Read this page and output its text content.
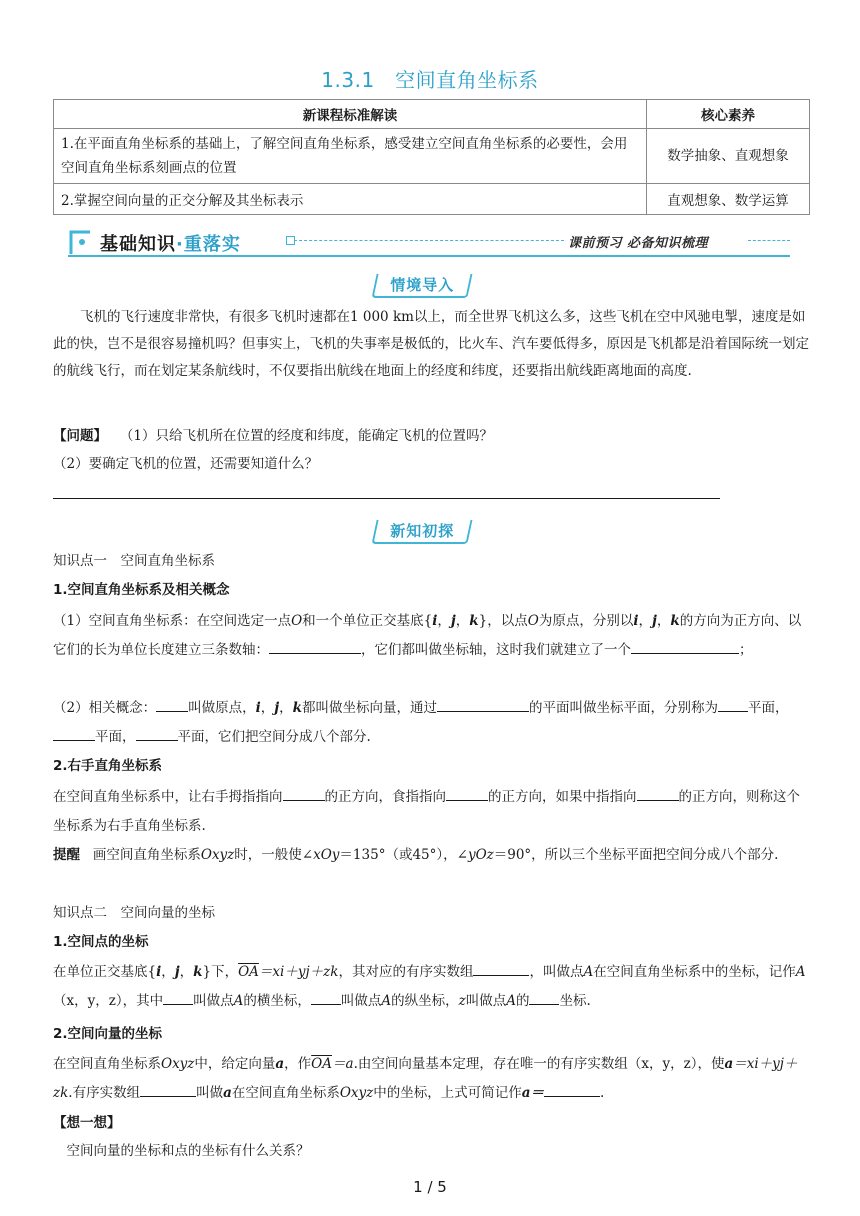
1.3.1　空间直角坐标系
新课程标准解读	核心素养
1.在平面直角坐标系的基础上，了解空间直角坐标系，感受建立空间直角坐标系的必要性，会用空间直角坐标系刻画点的位置	数学抽象、直观想象
2.掌握空间向量的正交分解及其坐标表示	直观想象、数学运算
基础知识·重落实	课前预习 必备知识梳理
情境导入
飞机的飞行速度非常快，有很多飞机时速都在1 000 km以上，而全世界飞机这么多，这些飞机在空中风驰电掣，速度是如此的快，岂不是很容易撞机吗？但事实上，飞机的失事率是极低的，比火车、汽车要低得多，原因是飞机都是沿着国际统一划定的航线飞行，而在划定某条航线时，不仅要指出航线在地面上的经度和纬度，还要指出航线距离地面的高度.
【问题】 （1）只给飞机所在位置的经度和纬度，能确定飞机的位置吗？
（2）要确定飞机的位置，还需要知道什么？
新知初探
知识点一　空间直角坐标系
1.空间直角坐标系及相关概念
（1）空间直角坐标系：在空间选定一点O和一个单位正交基底{i，j，k}，以点O为原点，分别以i，j，k的方向为正方向、以它们的长为单位长度建立三条数轴：	，它们都叫做坐标轴，这时我们就建立了一个	；
（2）相关概念： 叫做原点，i，j，k都叫做坐标向量，通过	的平面叫做坐标平面，分别称为 平面，平面，	平面，它们把空间分成八个部分.
2.右手直角坐标系
在空间直角坐标系中，让右手拇指指向	的正方向，食指指向	的正方向，如果中指指向	的正方向，则称这个坐标系为右手直角坐标系.
提醒 画空间直角坐标系Oxyz时，一般使∠xOy＝135°（或45°），∠yOz＝90°，所以三个坐标平面把空间分成八个部分.
知识点二　空间向量的坐标
1.空间点的坐标
在单位正交基底{i，j，k}下，$\overline{OA}=xi+yj+zk$，其对应的有序实数组	，叫做点A在空间直角坐标系中的坐标，记作A（x，y，z），其中 叫做点A的横坐标， 叫做点A的纵坐标，z叫做点A的 坐标.
2.空间向量的坐标
在空间直角坐标系Oxyz中，给定向量a，作$\overline{OA}=a$.由空间向量基本定理，存在唯一的有序实数组（x，y，z），使a＝xi＋yj＋zk.有序实数组	叫做a在空间直角坐标系Oxyz中的坐标，上式可简记作a＝	.
【想一想】
空间向量的坐标和点的坐标有什么关系？
1 / 5
